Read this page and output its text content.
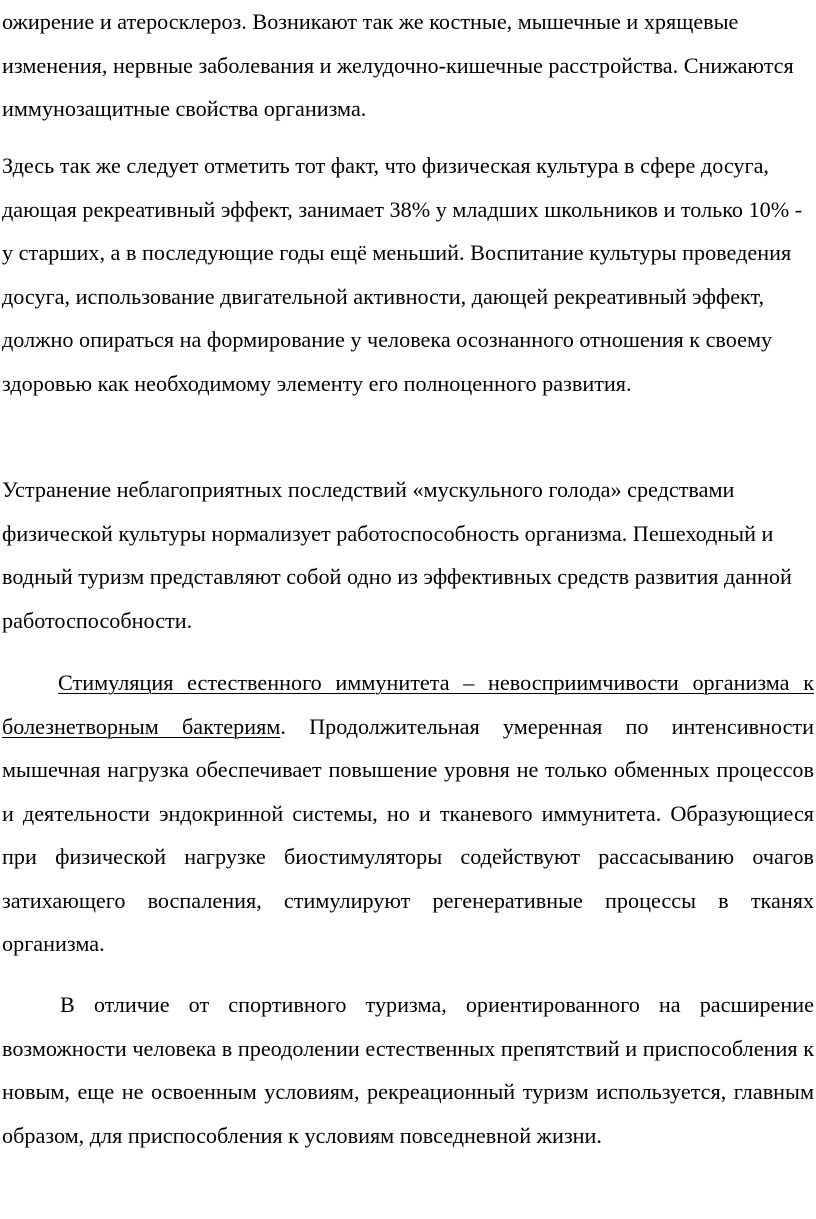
ожирение и атеросклероз. Возникают так же костные, мышечные и хрящевые изменения, нервные заболевания и желудочно-кишечные расстройства. Снижаются иммунозащитные свойства организма.

Здесь так же следует отметить тот факт, что физическая культура в сфере досуга, дающая рекреативный эффект, занимает 38% у младших школьников и только 10% - у старших, а в последующие годы ещё меньший. Воспитание культуры проведения досуга, использование двигательной активности, дающей рекреативный эффект, должно опираться на формирование у человека осознанного отношения к своему здоровью как необходимому элементу его полноценного развития.

Устранение неблагоприятных последствий «мускульного голода» средствами физической культуры нормализует работоспособность организма. Пешеходный и водный туризм представляют собой одно из эффективных средств развития данной работоспособности.

Стимуляция естественного иммунитета – невосприимчивости организма к болезнетворным бактериям. Продолжительная умеренная по интенсивности мышечная нагрузка обеспечивает повышение уровня не только обменных процессов и деятельности эндокринной системы, но и тканевого иммунитета. Образующиеся при физической нагрузке биостимуляторы содействуют рассасыванию очагов затихающего воспаления, стимулируют регенеративные процессы в тканях организма.

В отличие от спортивного туризма, ориентированного на расширение возможности человека в преодолении естественных препятствий и приспособления к новым, еще не освоенным условиям, рекреационный туризм используется, главным образом, для приспособления к условиям повседневной жизни.
